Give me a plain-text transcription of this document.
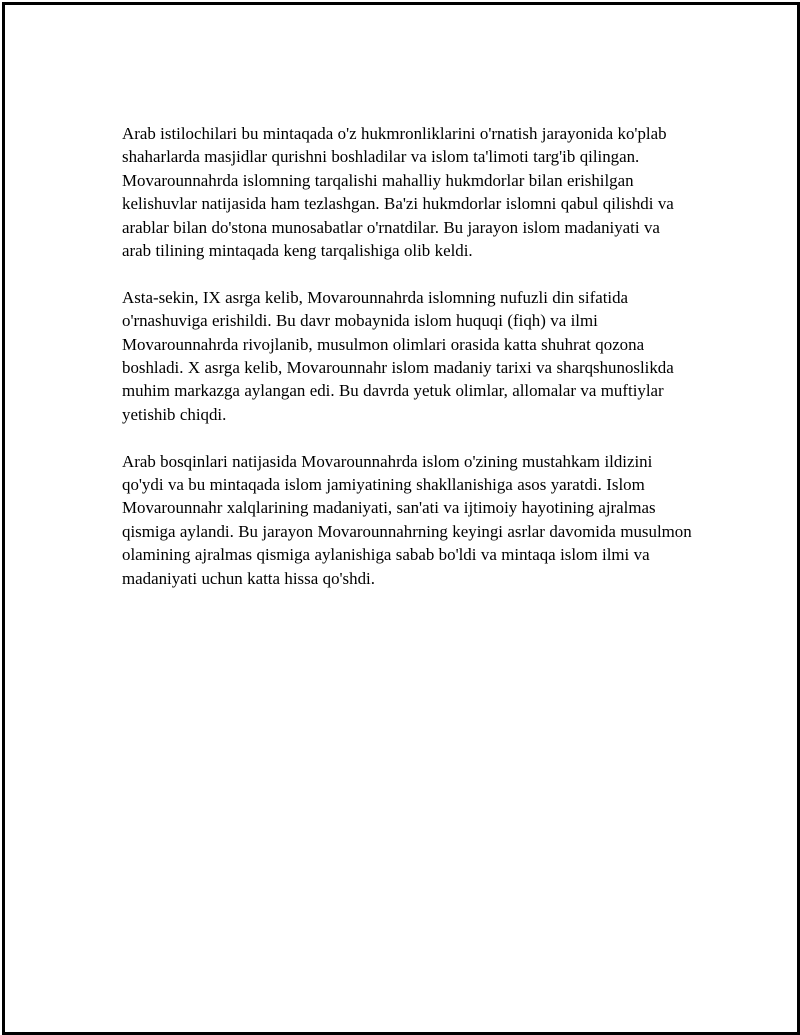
Arab istilochilari bu mintaqada o'z hukmronliklarini o'rnatish jarayonida ko'plab shaharlarda masjidlar qurishni boshladilar va islom ta'limoti targ'ib qilingan. Movarounnahrda islomning tarqalishi mahalliy hukmdorlar bilan erishilgan kelishuvlar natijasida ham tezlashgan. Ba'zi hukmdorlar islomni qabul qilishdi va arablar bilan do'stona munosabatlar o'rnatdilar. Bu jarayon islom madaniyati va arab tilining mintaqada keng tarqalishiga olib keldi.

Asta-sekin, IX asrga kelib, Movarounnahrda islomning nufuzli din sifatida o'rnashuviga erishildi. Bu davr mobaynida islom huquqi (fiqh) va ilmi Movarounnahrda rivojlanib, musulmon olimlari orasida katta shuhrat qozona boshladi. X asrga kelib, Movarounnahr islom madaniy tarixi va sharqshunoslikda muhim markazga aylangan edi. Bu davrda yetuk olimlar, allomalar va muftiylar yetishib chiqdi.

Arab bosqinlari natijasida Movarounnahrda islom o'zining mustahkam ildizini qo'ydi va bu mintaqada islom jamiyatining shakllanishiga asos yaratdi. Islom Movarounnahr xalqlarining madaniyati, san'ati va ijtimoiy hayotining ajralmas qismiga aylandi. Bu jarayon Movarounnahrning keyingi asrlar davomida musulmon olamining ajralmas qismiga aylanishiga sabab bo'ldi va mintaqa islom ilmi va madaniyati uchun katta hissa qo'shdi.
